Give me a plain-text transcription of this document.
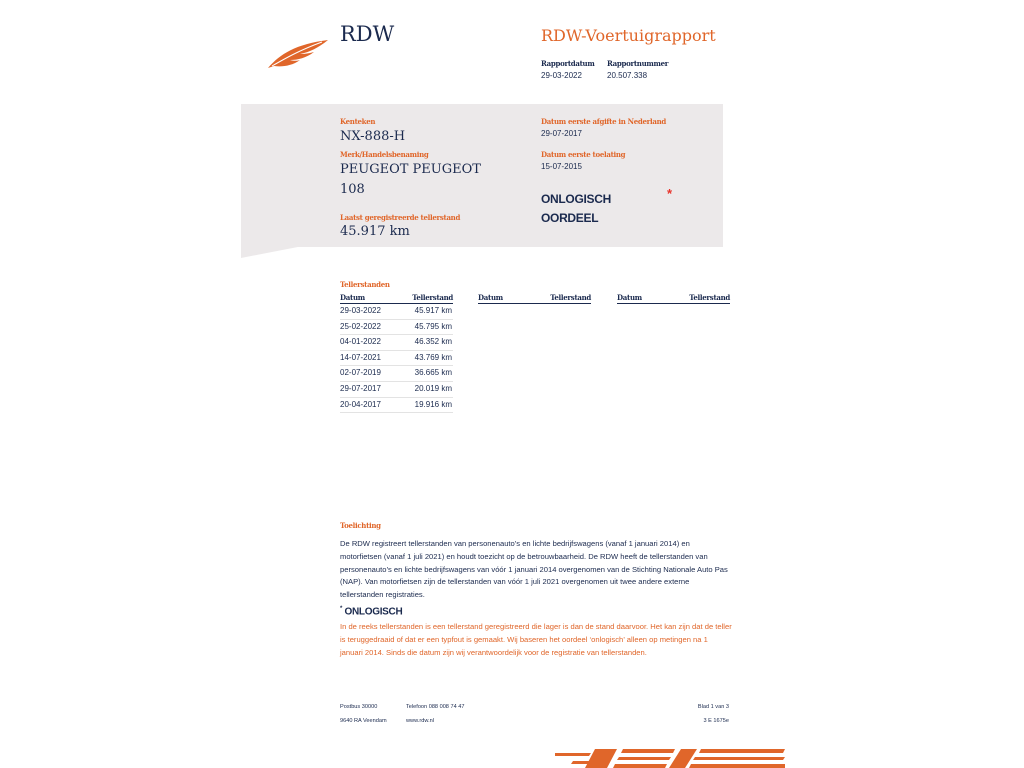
RDW	RDW-Voertuigrapport
Rapportdatum
29-03-2022
Rapportnummer
20.507.338
Kenteken
NX-888-H
Merk/Handelsbenaming
PEUGEOT PEUGEOT
108
Laatst geregistreerde tellerstand
45.917 km
Datum eerste afgifte in Nederland
29-07-2017
Datum eerste toelating
15-07-2015
ONLOGISCH
OORDEEL
*
Tellerstanden
Datum	Tellerstand
29-03-2022	45.917 km
25-02-2022	45.795 km
04-01-2022	46.352 km
14-07-2021	43.769 km
02-07-2019	36.665 km
29-07-2017	20.019 km
20-04-2017	19.916 km
Datum	Tellerstand	Datum	Tellerstand
Toelichting
De RDW registreert tellerstanden van personenauto’s en lichte bedrijfswagens (vanaf 1 januari 2014) en motorfietsen (vanaf 1 juli 2021) en houdt toezicht op de betrouwbaarheid. De RDW heeft de tellerstanden van personenauto’s en lichte bedrijfswagens van vóór 1 januari 2014 overgenomen van de Stichting Nationale Auto Pas (NAP). Van motorfietsen zijn de tellerstanden van vóór 1 juli 2021 overgenomen uit twee andere externe tellerstanden registraties.
* ONLOGISCH
In de reeks tellerstanden is een tellerstand geregistreerd die lager is dan de stand daarvoor. Het kan zijn dat de teller is teruggedraaid of dat er een typfout is gemaakt. Wij baseren het oordeel ‘onlogisch’ alleen op metingen na 1 januari 2014. Sinds die datum zijn wij verantwoordelijk voor de registratie van tellerstanden.
Postbus 30000
9640 RA Veendam
Telefoon 088 008 74 47
www.rdw.nl
Blad 1 van 3
3 E 1675e
